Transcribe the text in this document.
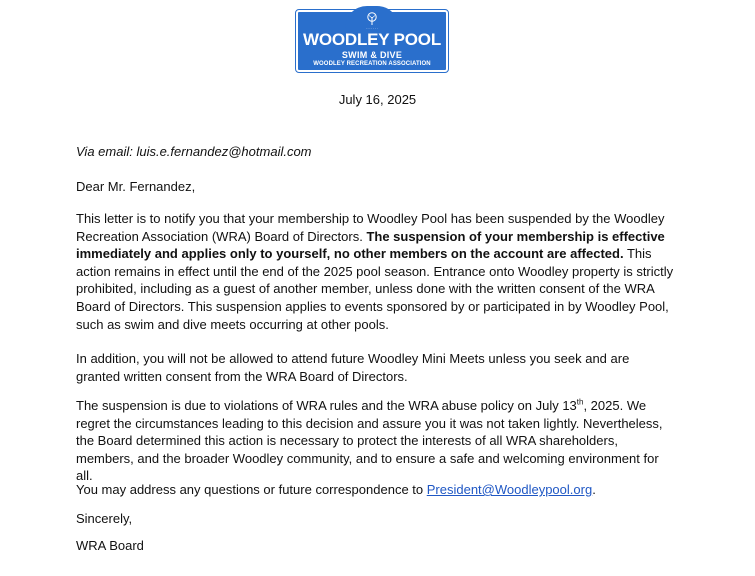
·······
WOODLEY POOL
SWIM & DIVE
WOODLEY RECREATION ASSOCIATION
July 16, 2025

Via email: luis.e.fernandez@hotmail.com

Dear Mr. Fernandez,

This letter is to notify you that your membership to Woodley Pool has been suspended by the Woodley Recreation Association (WRA) Board of Directors. The suspension of your membership is effective immediately and applies only to yourself, no other members on the account are affected. This action remains in effect until the end of the 2025 pool season. Entrance onto Woodley property is strictly prohibited, including as a guest of another member, unless done with the written consent of the WRA Board of Directors. This suspension applies to events sponsored by or participated in by Woodley Pool, such as swim and dive meets occurring at other pools.

In addition, you will not be allowed to attend future Woodley Mini Meets unless you seek and are granted written consent from the WRA Board of Directors.

The suspension is due to violations of WRA rules and the WRA abuse policy on July 13th, 2025. We regret the circumstances leading to this decision and assure you it was not taken lightly. Nevertheless, the Board determined this action is necessary to protect the interests of all WRA shareholders, members, and the broader Woodley community, and to ensure a safe and welcoming environment for all.

You may address any questions or future correspondence to President@Woodleypool.org.

Sincerely,

WRA Board
